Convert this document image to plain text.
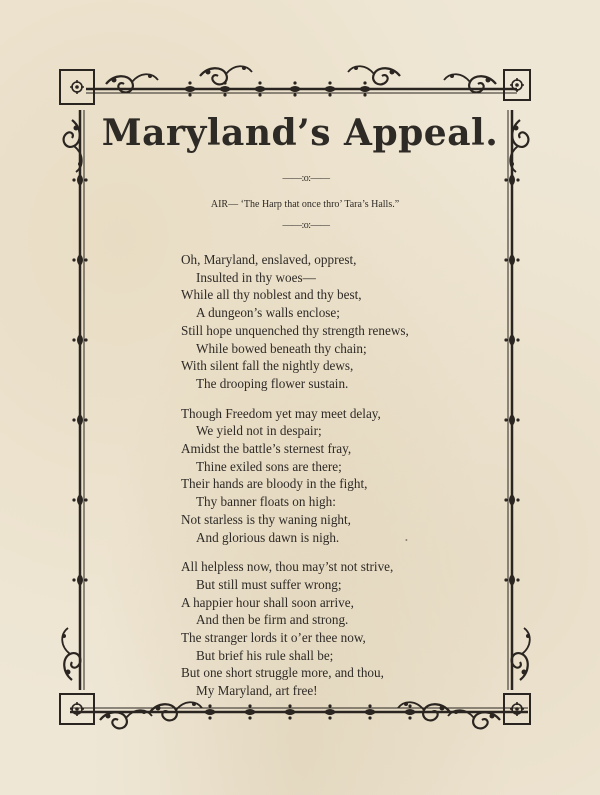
Maryland’s Appeal.
——:o:——
AIR— ‘The Harp that once thro’ Tara’s Halls.”
——:o:——
Oh, Maryland, enslaved, opprest,
Insulted in thy woes—
While all thy noblest and thy best,
A dungeon’s walls enclose;
Still hope unquenched thy strength renews,
While bowed beneath thy chain;
With silent fall the nightly dews,
The drooping flower sustain.
Though Freedom yet may meet delay,
We yield not in despair;
Amidst the battle’s sternest fray,
Thine exiled sons are there;
Their hands are bloody in the fight,
Thy banner floats on high:
Not starless is thy waning night,
And glorious dawn is nigh.
All helpless now, thou may’st not strive,
But still must suffer wrong;
A happier hour shall soon arrive,
And then be firm and strong.
The stranger lords it o’er thee now,
But brief his rule shall be;
But one short struggle more, and thou,
My Maryland, art free!
•
